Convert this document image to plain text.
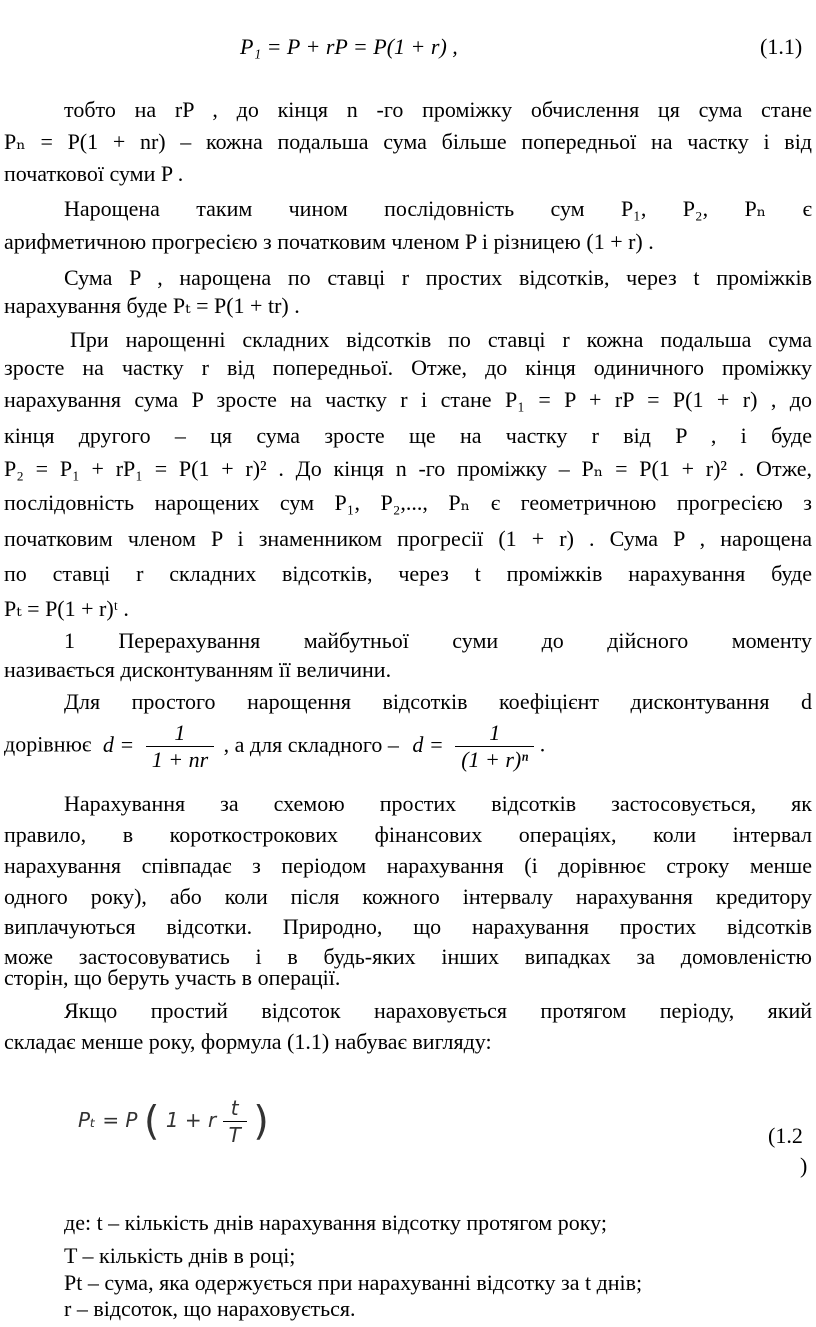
P₁ = P + rP = P(1 + r) ,	(1.1)
тобто на rP , до кінця n -го проміжку обчислення ця сума стане
Pₙ = P(1 + nr) – кожна подальша сума більше попередньої на частку i від
початкової суми P .
Нарощена таким чином послідовність сум P₁, P₂, Pₙ є
арифметичною прогресією з початковим членом P і різницею (1 + r) .
Сума P , нарощена по ставці r простих відсотків, через t проміжків
нарахування буде Pₜ = P(1 + tr) .
При нарощенні складних відсотків по ставці r кожна подальша сума
зросте на частку r від попередньої. Отже, до кінця одиничного проміжку
нарахування сума P зросте на частку r і стане P₁ = P + rP = P(1 + r) , до
кінця другого – ця сума зросте ще на частку r від P , і буде
P₂ = P₁ + rP₁ = P(1 + r)² . До кінця n -го проміжку – Pₙ = P(1 + r)² . Отже,
послідовність нарощених сум P₁, P₂,..., Pₙ є геометричною прогресією з
початковим членом P і знаменником прогресії (1 + r) . Сума P , нарощена
по ставці r складних відсотків, через t проміжків нарахування буде
Pₜ = P(1 + r)ᵗ .
1 Перерахування майбутньої суми до дійсного моменту
називається дисконтуванням її величини.
Для простого нарощення відсотків коефіцієнт дисконтування d
дорівнює $d = \frac{1}{1 + nr}$ , а для складного – $d = \frac{1}{\text{(1 + r)ⁿ}}$ .
Нарахування за схемою простих відсотків застосовується, як
правило, в короткострокових фінансових операціях, коли інтервал
нарахування співпадає з періодом нарахування (і дорівнює строку менше
одного року), або коли після кожного інтервалу нарахування кредитору
виплачуються відсотки. Природно, що нарахування простих відсотків
може застосовуватись і в будь-яких інших випадках за домовленістю
сторін, що беруть участь в операції.
Якщо простий відсоток нараховується протягом періоду, який
складає менше року, формула (1.1) набуває вигляду:
Pₜ = P ( 1 + r $\frac{t}{T}$ )	(1.2
)
де: t – кількість днів нарахування відсотку протягом року;
T – кількість днів в році;
Pt – сума, яка одержується при нарахуванні відсотку за t днів;
r – відсоток, що нараховується.
